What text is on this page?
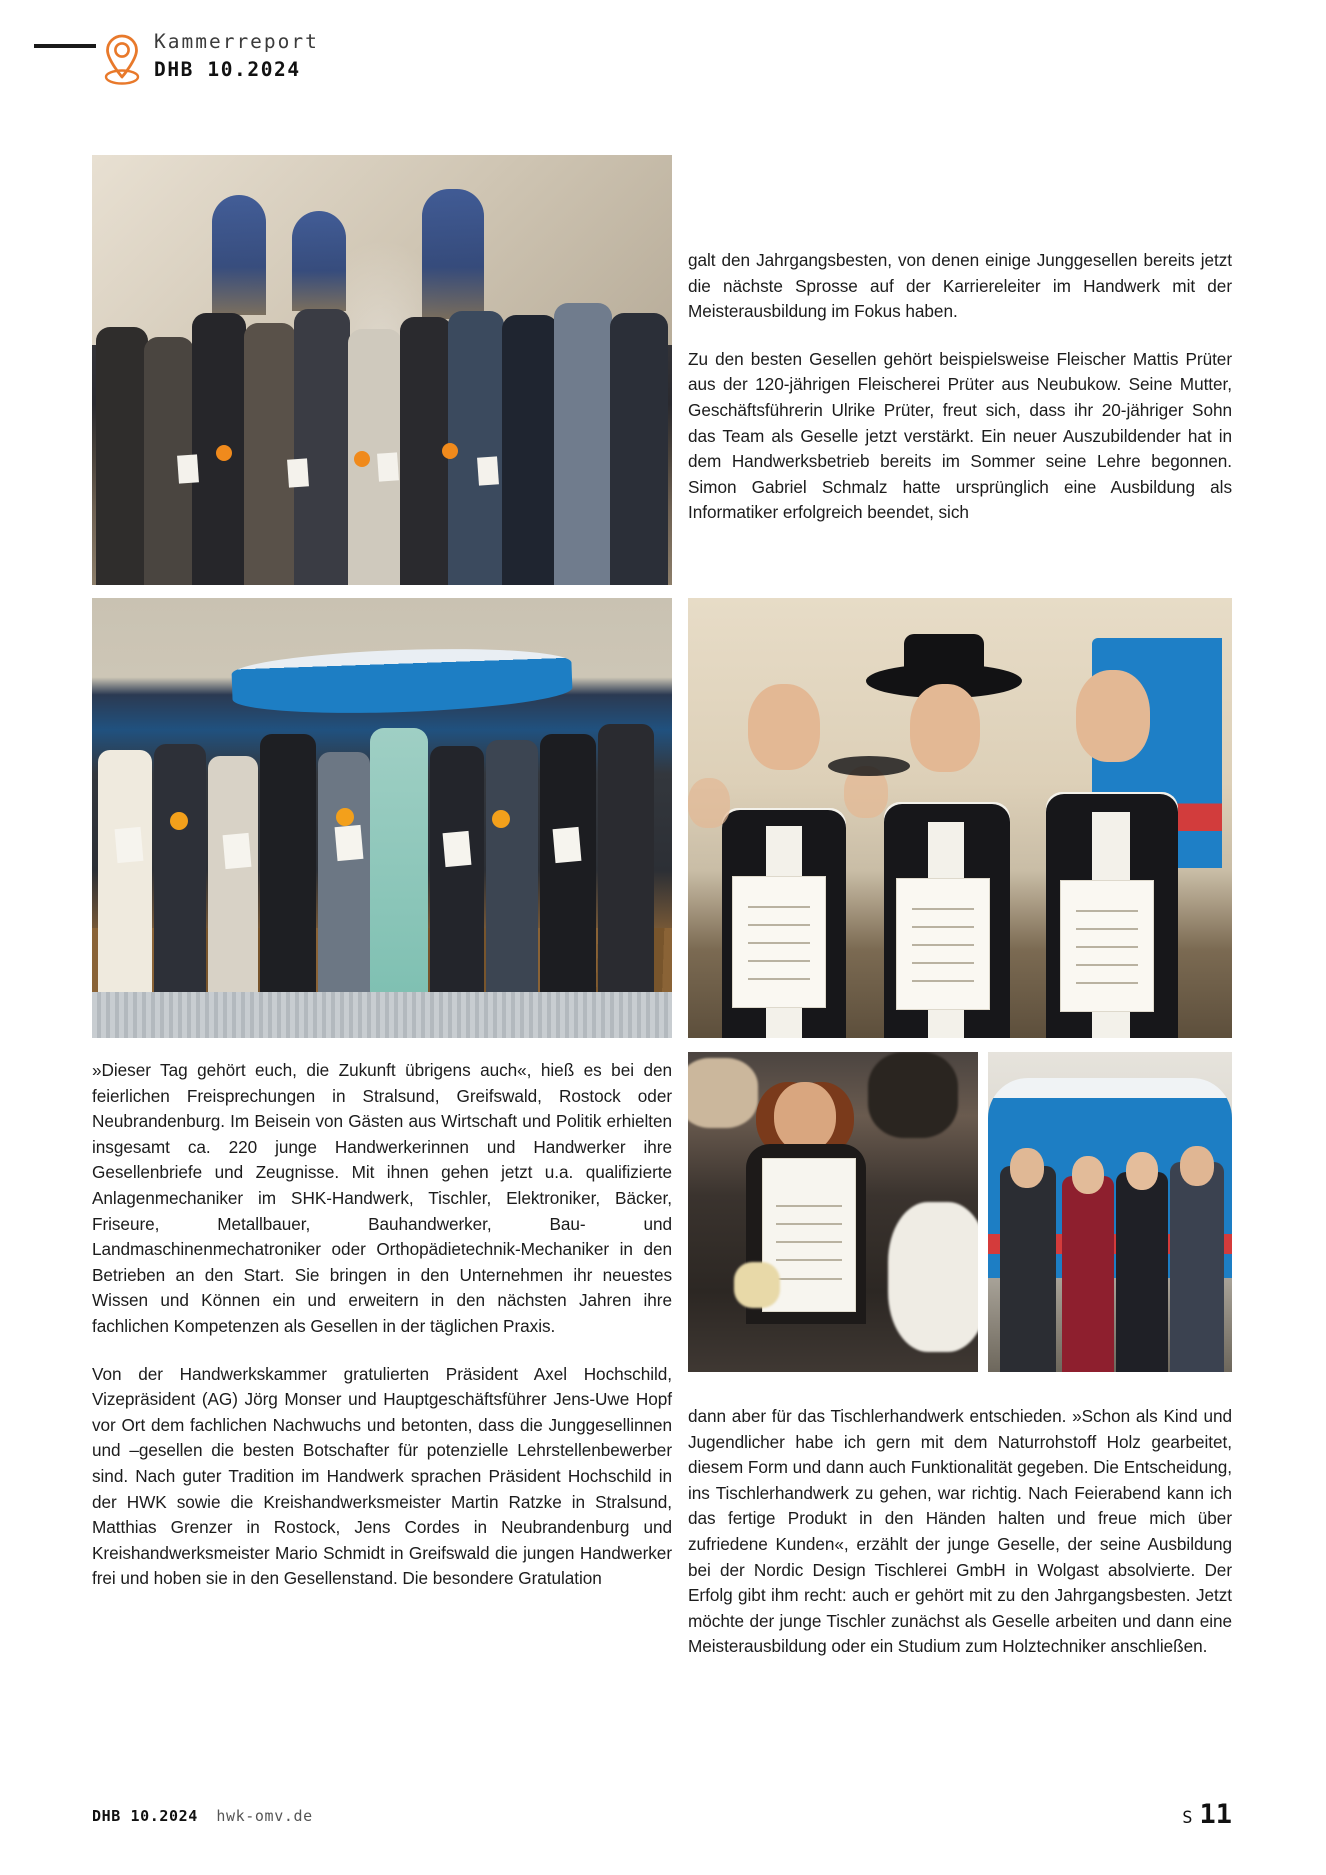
Kammerreport
DHB 10.2024

galt den Jahrgangsbesten, von denen einige Junggesellen bereits jetzt die nächste Sprosse auf der Karriereleiter im Handwerk mit der Meisterausbildung im Fokus haben.

Zu den besten Gesellen gehört beispielsweise Fleischer Mattis Prüter aus der 120-jährigen Fleischerei Prüter aus Neubukow. Seine Mutter, Geschäftsführerin Ulrike Prüter, freut sich, dass ihr 20-jähriger Sohn das Team als Geselle jetzt verstärkt. Ein neuer Auszubildender hat in dem Handwerksbetrieb bereits im Sommer seine Lehre begonnen. Simon Gabriel Schmalz hatte ursprünglich eine Ausbildung als Informatiker erfolgreich beendet, sich

»Dieser Tag gehört euch, die Zukunft übrigens auch«, hieß es bei den feierlichen Freisprechungen in Stralsund, Greifswald, Rostock oder Neubrandenburg. Im Beisein von Gästen aus Wirtschaft und Politik erhielten insgesamt ca. 220 junge Handwerkerinnen und Handwerker ihre Gesellenbriefe und Zeugnisse. Mit ihnen gehen jetzt u.a. qualifizierte Anlagenmechaniker im SHK-Handwerk, Tischler, Elektroniker, Bäcker, Friseure, Metallbauer, Bauhandwerker, Bau- und Landmaschinenmechatroniker oder Orthopädietechnik-Mechaniker in den Betrieben an den Start. Sie bringen in den Unternehmen ihr neuestes Wissen und Können ein und erweitern in den nächsten Jahren ihre fachlichen Kompetenzen als Gesellen in der täglichen Praxis.

Von der Handwerkskammer gratulierten Präsident Axel Hochschild, Vizepräsident (AG) Jörg Monser und Hauptgeschäftsführer Jens-Uwe Hopf vor Ort dem fachlichen Nachwuchs und betonten, dass die Junggesellinnen und –gesellen die besten Botschafter für potenzielle Lehrstellenbewerber sind. Nach guter Tradition im Handwerk sprachen Präsident Hochschild in der HWK sowie die Kreishandwerksmeister Martin Ratzke in Stralsund, Matthias Grenzer in Rostock, Jens Cordes in Neubrandenburg und Kreishandwerksmeister Mario Schmidt in Greifswald die jungen Handwerker frei und hoben sie in den Gesellenstand. Die besondere Gratulation

dann aber für das Tischlerhandwerk entschieden. »Schon als Kind und Jugendlicher habe ich gern mit dem Naturrohstoff Holz gearbeitet, diesem Form und dann auch Funktionalität gegeben. Die Entscheidung, ins Tischlerhandwerk zu gehen, war richtig. Nach Feierabend kann ich das fertige Produkt in den Händen halten und freue mich über zufriedene Kunden«, erzählt der junge Geselle, der seine Ausbildung bei der Nordic Design Tischlerei GmbH in Wolgast absolvierte. Der Erfolg gibt ihm recht: auch er gehört mit zu den Jahrgangsbesten. Jetzt möchte der junge Tischler zunächst als Geselle arbeiten und dann eine Meisterausbildung oder ein Studium zum Holztechniker anschließen.

DHB 10.2024 hwk-omv.de	S 11
